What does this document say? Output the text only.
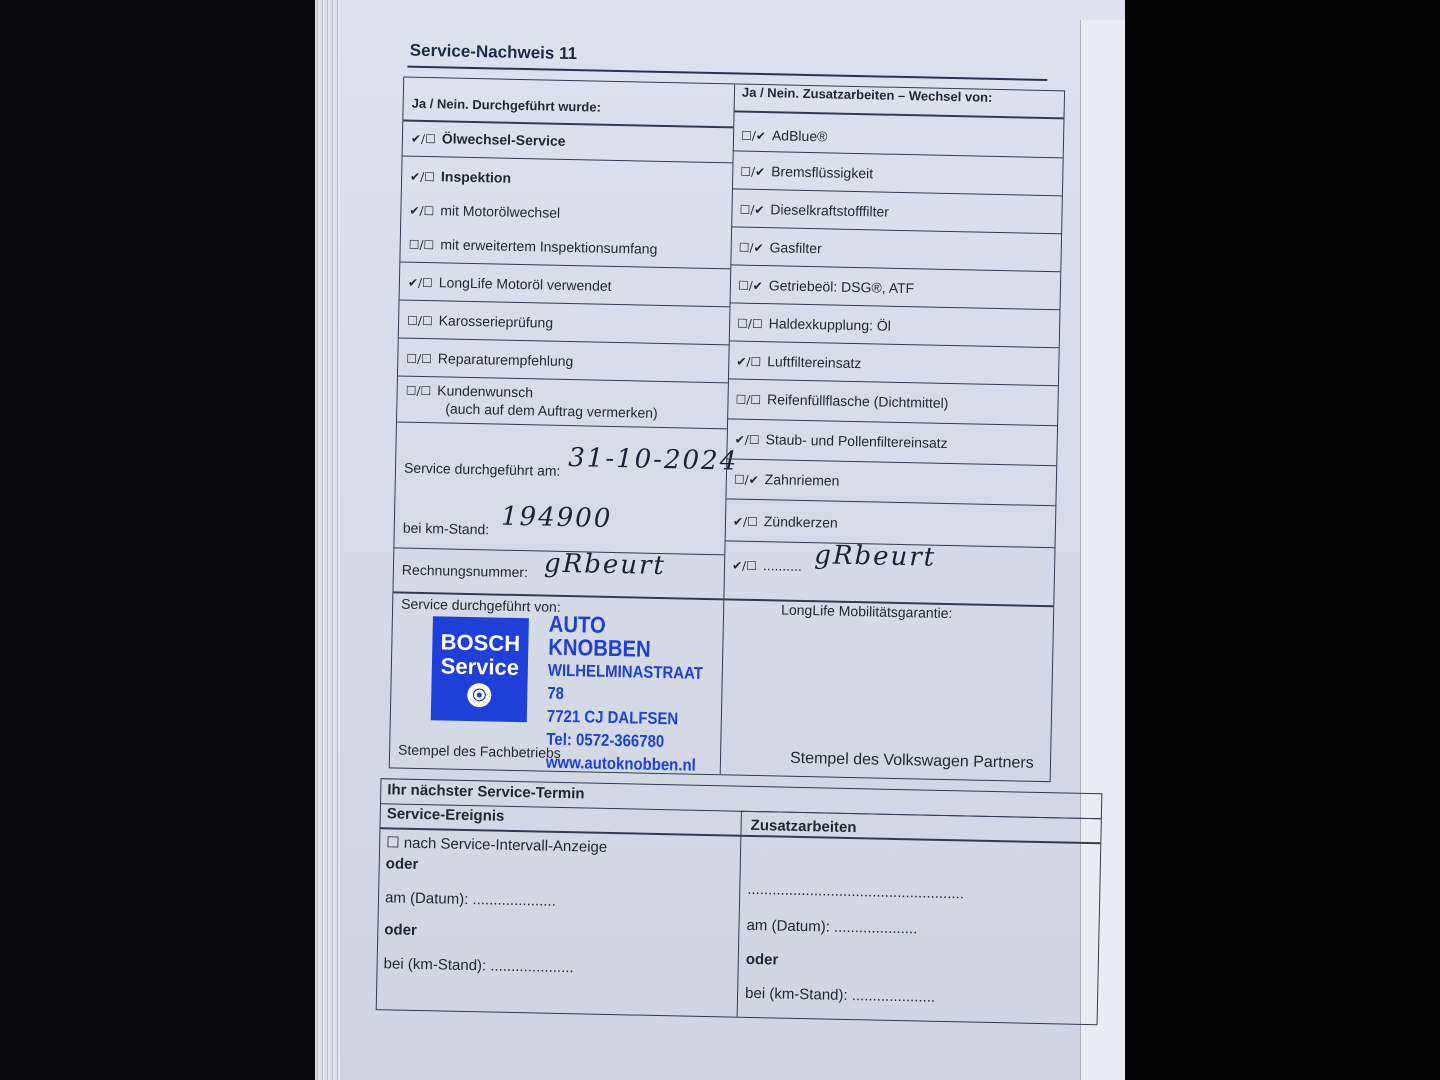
Service-Nachweis 11
Ja / Nein. Durchgeführt wurde:
Ja / Nein. Zusatzarbeiten – Wechsel von:
✔/☐ Ölwechsel-Service
✔/☐ Inspektion
✔/☐ mit Motorölwechsel
☐/☐ mit erweitertem Inspektionsumfang
✔/☐ LongLife Motoröl verwendet
☐/☐ Karosserieprüfung
☐/☐ Reparaturempfehlung
☐/☐ Kundenwunsch
(auch auf dem Auftrag vermerken)
Service durchgeführt am: 31-10-2024
bei km-Stand: 194900
Rechnungsnummer: gRbeurt
Service durchgeführt von:
☐/✔ AdBlue®
☐/✔ Bremsflüssigkeit
☐/✔ Dieselkraftstofffilter
☐/✔ Gasfilter
☐/✔ Getriebeöl: DSG®, ATF
☐/☐ Haldexkupplung: Öl
✔/☐ Luftfiltereinsatz
☐/☐ Reifenfüllflasche (Dichtmittel)
✔/☐ Staub- und Pollenfiltereinsatz
☐/✔ Zahnriemen
✔/☐ Zündkerzen
✔/☐ .......... gRbeurt
LongLife Mobilitätsgarantie:
BOSCH
Service
⦿
AUTO KNOBBEN
WILHELMINASTRAAT 78
7721 CJ DALFSEN
Tel: 0572-366780
www.autoknobben.nl
Stempel des Fachbetriebs	Stempel des Volkswagen Partners
Ihr nächster Service-Termin
Service-Ereignis
Zusatzarbeiten
☐ nach Service-Intervall-Anzeige
oder
am (Datum): ....................
oder
bei (km-Stand): ....................
....................................................
am (Datum): ....................
oder
bei (km-Stand): ....................
